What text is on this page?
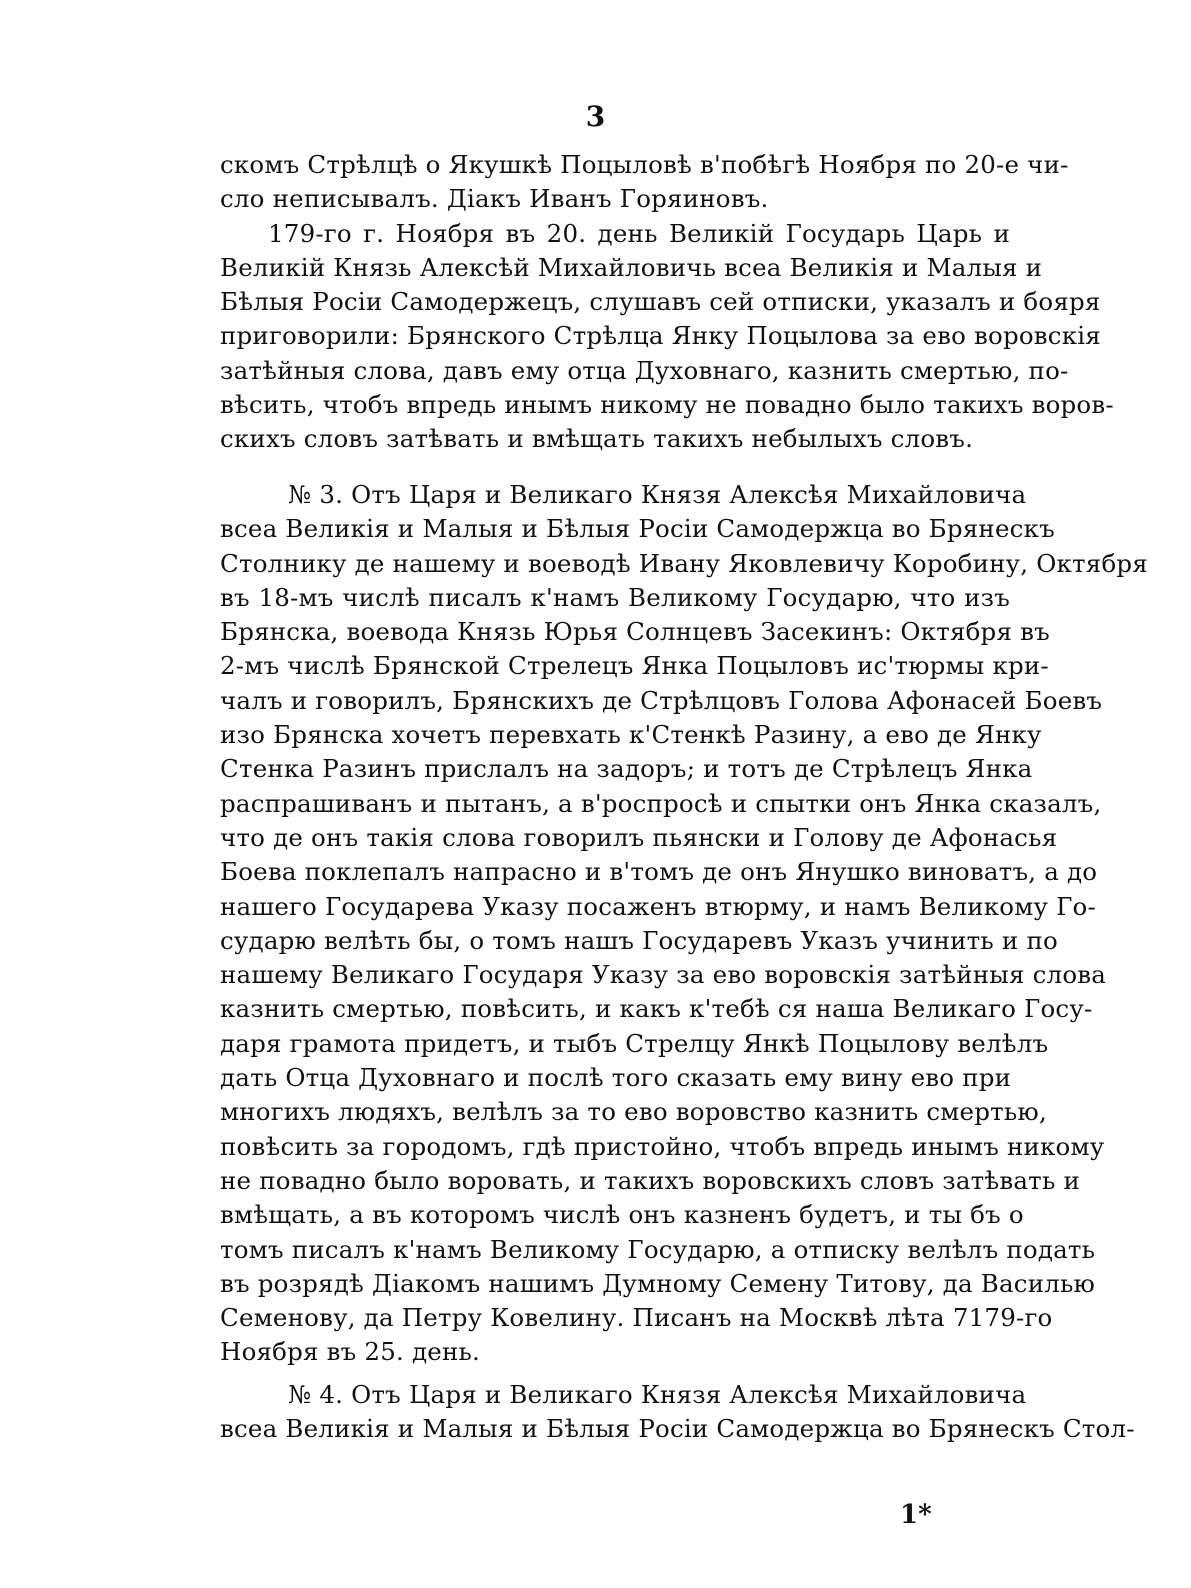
3
скомъ Стрѣлцѣ о Якушкѣ Поцыловѣ в'побѣгѣ Ноября по 20-е чи-
сло неписывалъ. Діакъ Иванъ Горяиновъ.
179-го г. Ноября въ 20. день Великій Государь Царь и
Великій Князь Алексѣй Михайловичь всеа Великія и Малыя и
Бѣлыя Росіи Самодержецъ, слушавъ сей отписки, указалъ и бояря
приговорили: Брянского Стрѣлца Янку Поцылова за ево воровскія
затѣйныя слова, давъ ему отца Духовнаго, казнить смертью, по-
вѣсить, чтобъ впредь инымъ никому не повадно было такихъ воров-
скихъ словъ затѣвать и вмѣщать такихъ небылыхъ словъ.
№ 3. Отъ Царя и Великаго Князя Алексѣя Михайловича
всеа Великія и Малыя и Бѣлыя Росіи Самодержца во Брянескъ
Столнику де нашему и воеводѣ Ивану Яковлевичу Коробину, Октября
въ 18-мъ числѣ писалъ к'намъ Великому Государю, что изъ
Брянска, воевода Князь Юрья Солнцевъ Засекинъ: Октября въ
2-мъ числѣ Брянской Стрелецъ Янка Поцыловъ ис'тюрмы кри-
чалъ и говорилъ, Брянскихъ де Стрѣлцовъ Голова Афонасей Боевъ
изо Брянска хочетъ перевхать к'Стенкѣ Разину, а ево де Янку
Стенка Разинъ прислалъ на задоръ; и тотъ де Стрѣлецъ Янка
распрашиванъ и пытанъ, а в'роспросѣ и спытки онъ Янка сказалъ,
что де онъ такія слова говорилъ пьянски и Голову де Афонасья
Боева поклепалъ напрасно и в'томъ де онъ Янушко виноватъ, а до
нашего Государева Указу посаженъ втюрму, и намъ Великому Го-
сударю велѣть бы, о томъ нашъ Государевъ Указъ учинить и по
нашему Великаго Государя Указу за ево воровскія затѣйныя слова
казнить смертью, повѣсить, и какъ к'тебѣ ся наша Великаго Госу-
даря грамота придетъ, и тыбъ Стрелцу Янкѣ Поцылову велѣлъ
дать Отца Духовнаго и послѣ того сказать ему вину ево при
многихъ людяхъ, велѣлъ за то ево воровство казнить смертью,
повѣсить за городомъ, гдѣ пристойно, чтобъ впредь инымъ никому
не повадно было воровать, и такихъ воровскихъ словъ затѣвать и
вмѣщать, а въ которомъ числѣ онъ казненъ будетъ, и ты бъ о
томъ писалъ к'намъ Великому Государю, а отписку велѣлъ подать
въ розрядѣ Діакомъ нашимъ Думному Семену Титову, да Василью
Семенову, да Петру Ковелину. Писанъ на Москвѣ лѣта 7179-го
Ноября въ 25. день.
№ 4. Отъ Царя и Великаго Князя Алексѣя Михайловича
всеа Великія и Малыя и Бѣлыя Росіи Самодержца во Брянескъ Стол-
1*
